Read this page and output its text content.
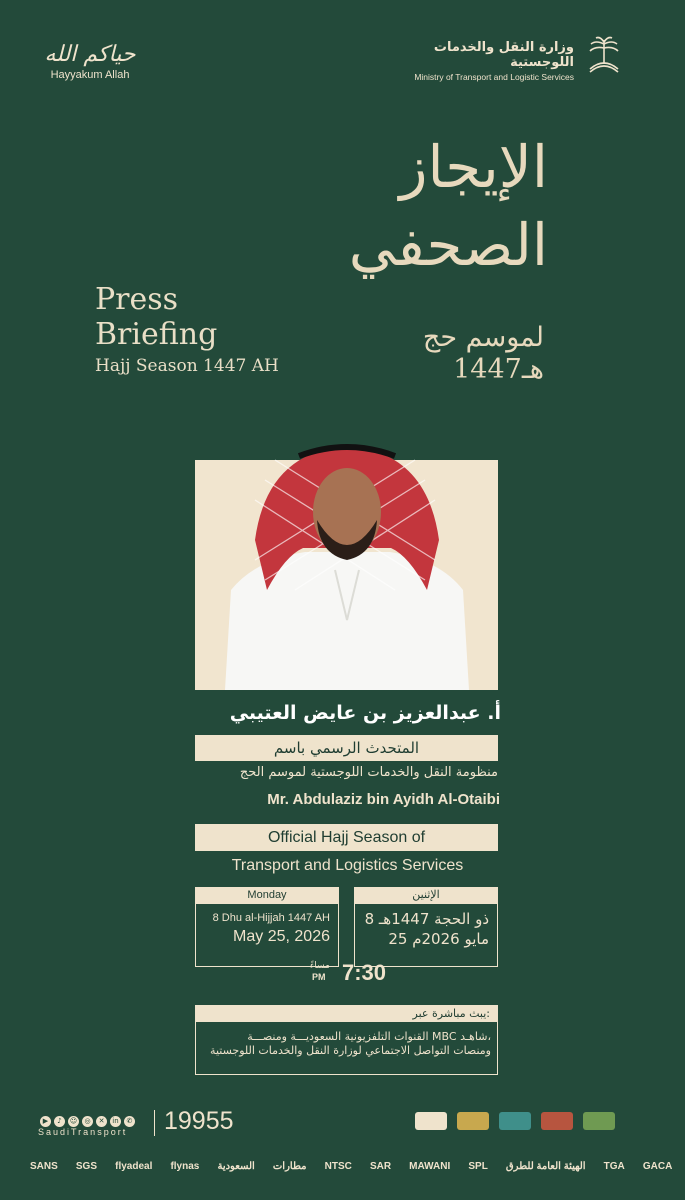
حياكم الله
Hayyakum Allah
وزارة النقل والخدمات اللوجستية
Ministry of Transport and Logistic Services
الإيجاز
الصحفي
لموسم حج
1447هـ
Press
Briefing
Hajj Season 1447 AH
أ. عبدالعزيز بن عايض العتيبي
المتحدث الرسمي باسم
منظومة النقل والخدمات اللوجستية لموسم الحج
Mr. Abdulaziz bin Ayidh Al-Otaibi
Official Hajj Season of
Transport and Logistics Services
Monday
8 Dhu al-Hijjah 1447 AH
May 25, 2026
الإثنين
8 ذو الحجة 1447هـ
25 مايو 2026م
مساءً
PM 7:30
يبث مباشرة عبر:
القنوات التلفزيونية السعوديـــة ومنصـــة MBC شاهـد،
ومنصات التواصل الاجتماعي لوزارة النقل والخدمات اللوجستية
▶ ♪ ☺ ◎ ✕ in ✆
SaudiTransport	19955
SANS SGS flyadeal flynas السعودية مطارات NTSC SAR MAWANI SPL الهيئة العامة للطرق TGA GACA
